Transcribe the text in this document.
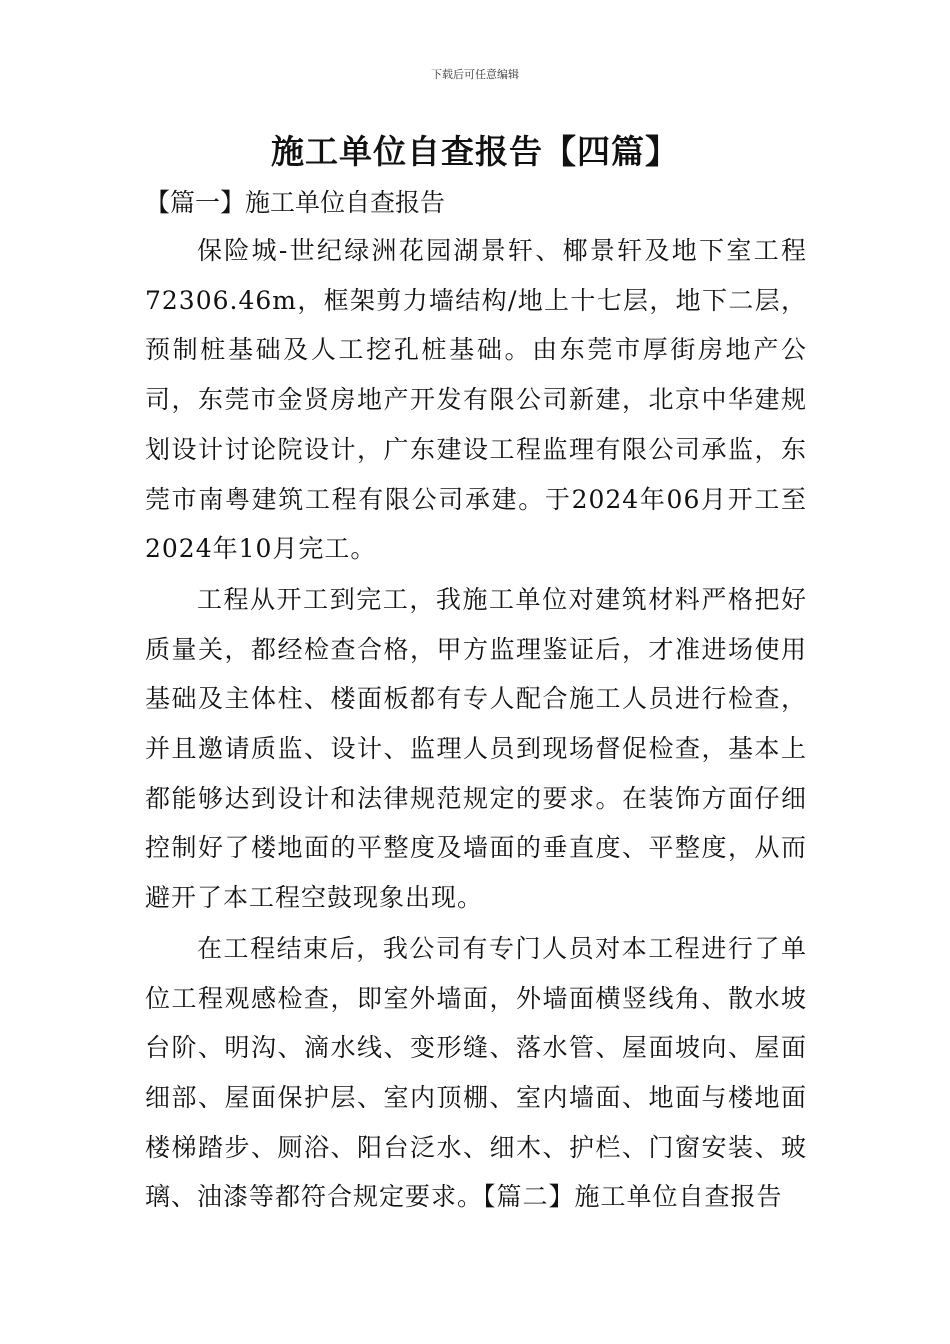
下载后可任意编辑
施工单位自查报告【四篇】
【篇一】施工单位自查报告

保险城-世纪绿洲花园湖景轩、椰景轩及地下室工程72306.46m，框架剪力墙结构/地上十七层，地下二层，预制桩基础及人工挖孔桩基础。由东莞市厚街房地产公司，东莞市金贤房地产开发有限公司新建，北京中华建规划设计讨论院设计，广东建设工程监理有限公司承监，东莞市南粤建筑工程有限公司承建。于2024年06月开工至2024年10月完工。

工程从开工到完工，我施工单位对建筑材料严格把好质量关，都经检查合格，甲方监理鉴证后，才准进场使用基础及主体柱、楼面板都有专人配合施工人员进行检查，并且邀请质监、设计、监理人员到现场督促检查，基本上都能够达到设计和法律规范规定的要求。在装饰方面仔细控制好了楼地面的平整度及墙面的垂直度、平整度，从而避开了本工程空鼓现象出现。

在工程结束后，我公司有专门人员对本工程进行了单位工程观感检查，即室外墙面，外墙面横竖线角、散水坡台阶、明沟、滴水线、变形缝、落水管、屋面坡向、屋面细部、屋面保护层、室内顶棚、室内墙面、地面与楼地面楼梯踏步、厕浴、阳台泛水、细木、护栏、门窗安装、玻璃、油漆等都符合规定要求。【篇二】施工单位自查报告
